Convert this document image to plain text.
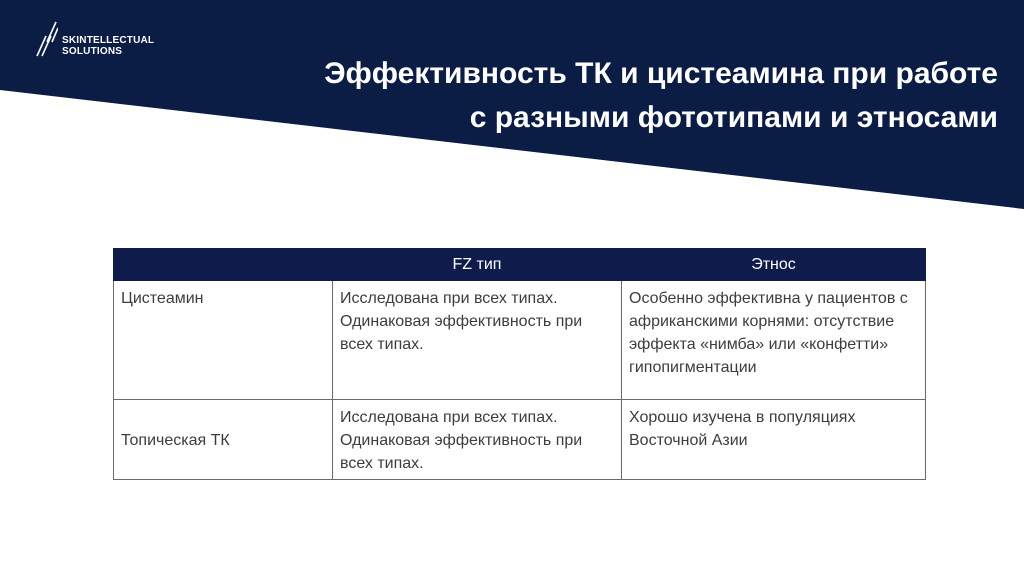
SKINTELLECTUAL
SOLUTIONS
Эффективность ТК и цистеамина при работе
с разными фототипами и этносами
	FZ тип	Этнос
Цистеамин	Исследована при всех типах. Одинаковая эффективность при всех типах.	Особенно эффективна у пациентов с африканскими корнями: отсутствие эффекта «нимба» или «конфетти» гипопигментации
Топическая ТК	Исследована при всех типах. Одинаковая эффективность при всех типах.	Хорошо изучена в популяциях Восточной Азии
